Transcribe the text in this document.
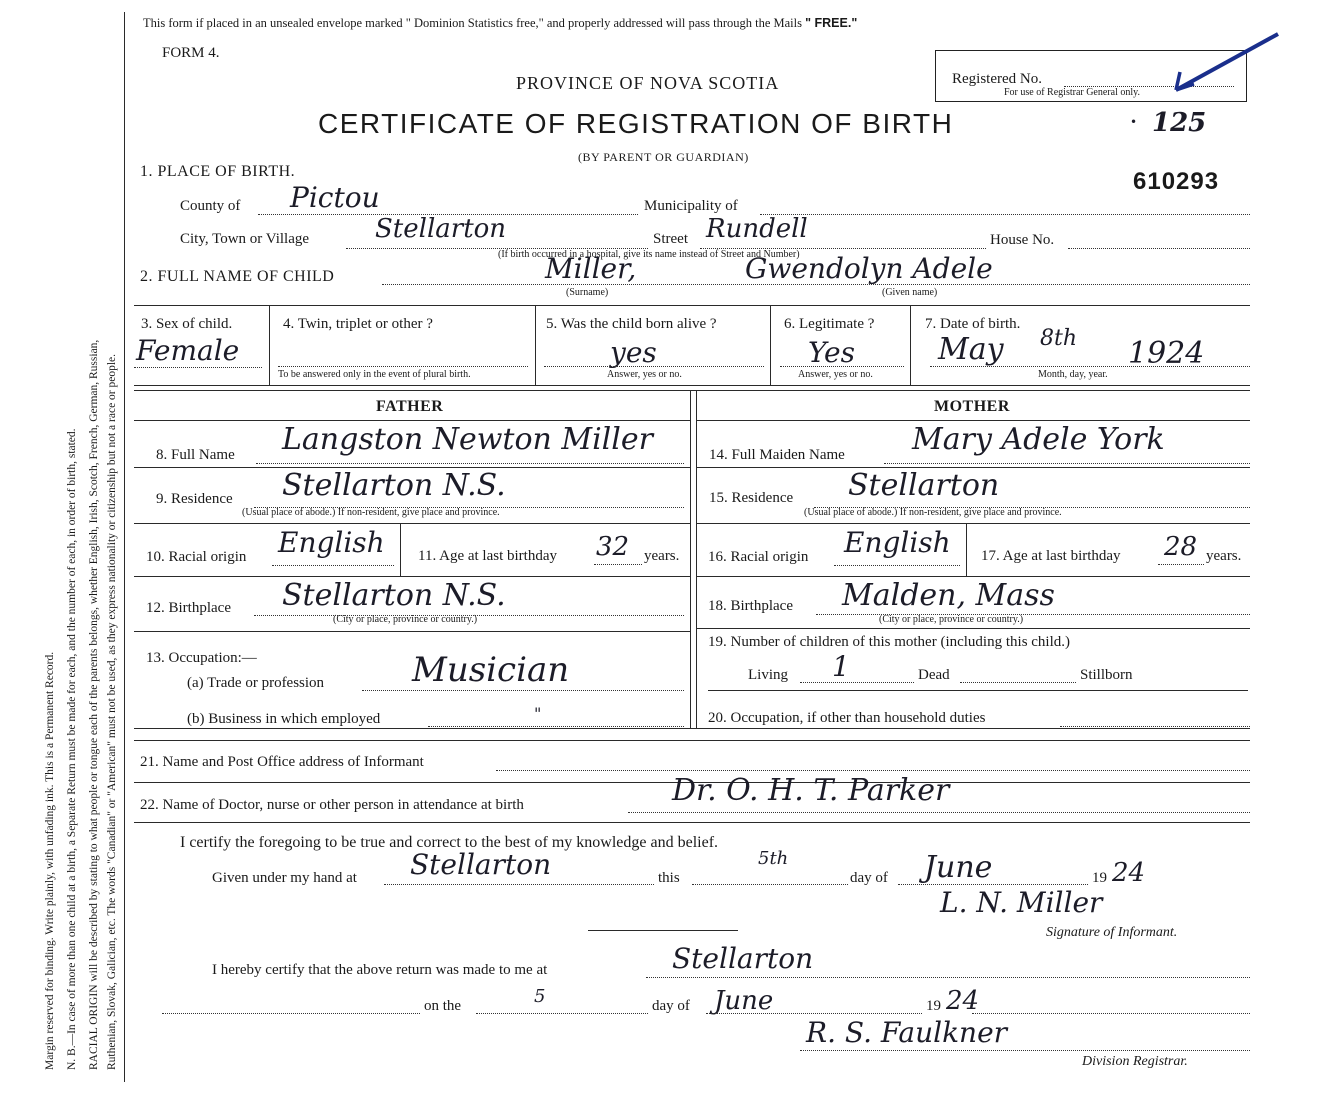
Margin reserved for binding. Write plainly, with unfading ink. This is a Permanent Record. N. B.—In case of more than one child at a birth, a Separate Return must be made for each, and the number of each, in order of birth, stated. RACIAL ORIGIN will be described by stating to what people or tongue each of the parents belongs, whether English, Irish, Scotch, French, German, Russian, Ruthenian, Slovak, Galician, etc. The words "Canadian" or "American" must not be used, as they express nationality or citizenship but not a race or people.
This form if placed in an unsealed envelope marked " Dominion Statistics free," and properly addressed will pass through the Mails " FREE."
FORM 4.
PROVINCE OF NOVA SCOTIA
CERTIFICATE OF REGISTRATION OF BIRTH
(BY PARENT OR GUARDIAN)
Registered No.
For use of Registrar General only.
• 125
610293
1. PLACE OF BIRTH.
County of Pictou	Municipality of
City, Town or Village	Stellarton	Street Rundell	House No.
(If birth occurred in a hospital, give its name instead of Street and Number)
2. FULL NAME OF CHILD	Miller,	Gwendolyn Adele
(Surname)	(Given name)
3. Sex of child.
Female
4. Twin, triplet or other ?
To be answered only in the event of plural birth.
5. Was the child born alive ?
yes
Answer, yes or no.
6. Legitimate ?
Yes
Answer, yes or no.
7. Date of birth.
May 8th 1924
Month, day, year.
FATHER	MOTHER
8. Full Name Langston Newton Miller
9. Residence Stellarton N.S.
(Usual place of abode.) If non-resident, give place and province.
10. Racial origin English 11. Age at last birthday 32 years.
12. Birthplace Stellarton N.S.
(City or place, province or country.)
13. Occupation:—
(a) Trade or profession	Musician
(b) Business in which employed	"
14. Full Maiden Name Mary Adele York
15. Residence Stellarton
(Usual place of abode.) If non-resident, give place and province.
16. Racial origin English 17. Age at last birthday 28 years.
18. Birthplace Malden, Mass
(City or place, province or country.)
19. Number of children of this mother (including this child.)
Living 1	Dead	Stillborn
20. Occupation, if other than household duties
21. Name and Post Office address of Informant
22. Name of Doctor, nurse or other person in attendance at birth	Dr. O. H. T. Parker
I certify the foregoing to be true and correct to the best of my knowledge and belief.
Given under my hand at Stellarton	this
5th
day of June	19 24
L. N. Miller
Signature of Informant.
I hereby certify that the above return was made to me at	Stellarton
on the	5	day of June	19 24
R. S. Faulkner
Division Registrar.
